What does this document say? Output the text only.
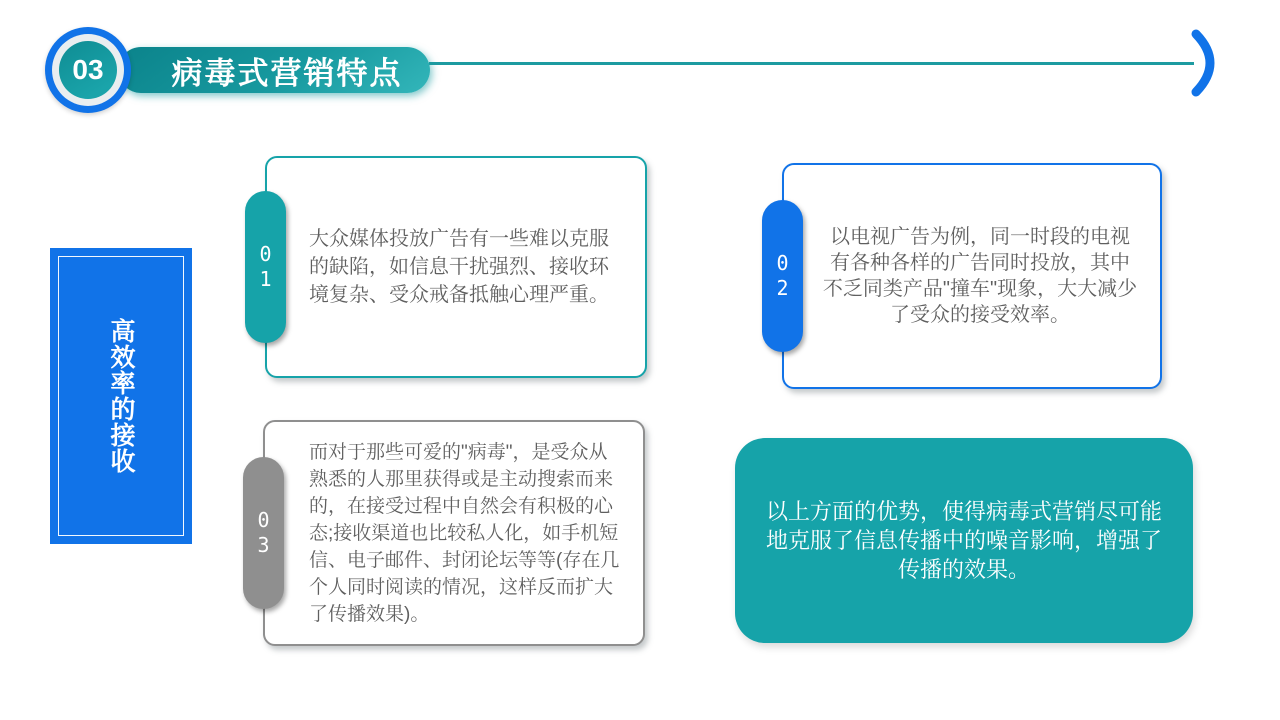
03	病毒式营销特点
高效率的接收
0
1

大众媒体投放广告有一些难以克服的缺陷，如信息干扰强烈、接收环境复杂、受众戒备抵触心理严重。

0
2

以电视广告为例，同一时段的电视有各种各样的广告同时投放，其中不乏同类产品"撞车"现象，大大减少了受众的接受效率。

0
3

而对于那些可爱的"病毒"，是受众从熟悉的人那里获得或是主动搜索而来的，在接受过程中自然会有积极的心态;接收渠道也比较私人化，如手机短信、电子邮件、封闭论坛等等(存在几个人同时阅读的情况，这样反而扩大了传播效果)。

以上方面的优势，使得病毒式营销尽可能地克服了信息传播中的噪音影响，增强了传播的效果。
